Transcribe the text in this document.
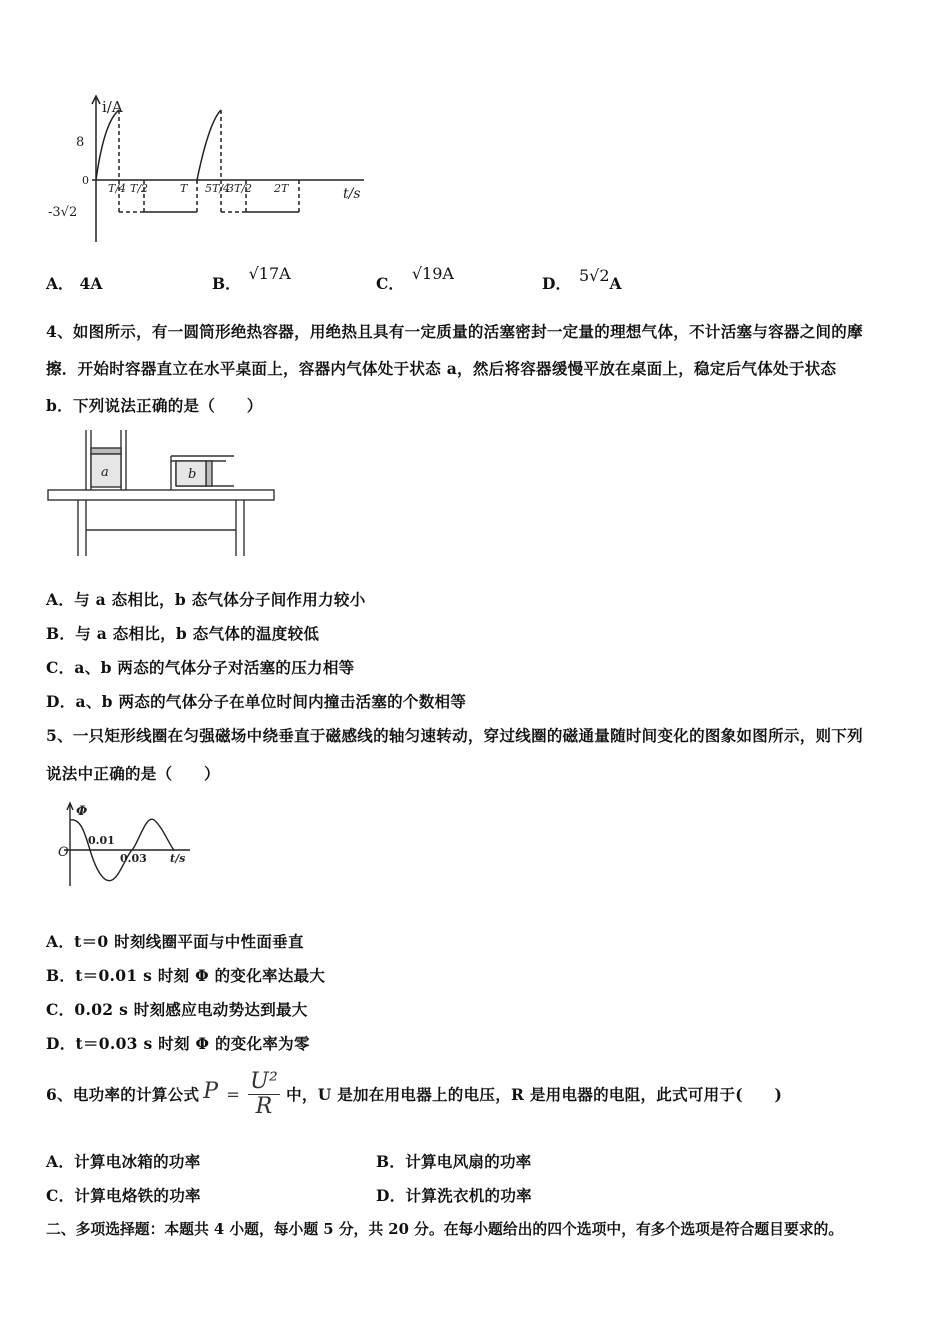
i/A
t/s
8
0
-3√2
T/4 T/2	T 5T/4
3T/2 2T
A． 4A	B．√17A
C．√19A
D． 5√2A
4、如图所示，有一圆筒形绝热容器，用绝热且具有一定质量的活塞密封一定量的理想气体，不计活塞与容器之间的摩
擦．开始时容器直立在水平桌面上，容器内气体处于状态 a，然后将容器缓慢平放在桌面上，稳定后气体处于状态
b．下列说法正确的是（　　）
a	b
A．与 a 态相比，b 态气体分子间作用力较小
B．与 a 态相比，b 态气体的温度较低
C．a、b 两态的气体分子对活塞的压力相等
D．a、b 两态的气体分子在单位时间内撞击活塞的个数相等
5、一只矩形线圈在匀强磁场中绕垂直于磁感线的轴匀速转动，穿过线圈的磁通量随时间变化的图象如图所示，则下列
说法中正确的是（　　）
Φ
O
0.01
0.03 t/s
A．t＝0 时刻线圈平面与中性面垂直
B．t＝0.01 s 时刻 Φ 的变化率达最大
C．0.02 s 时刻感应电动势达到最大
D．t＝0.03 s 时刻 Φ 的变化率为零
6、电功率的计算公式 $P = \frac{\text{U²}}{R}$ 中，U 是加在用电器上的电压，R 是用电器的电阻，此式可用于(　　)
A．计算电冰箱的功率	B．计算电风扇的功率
C．计算电烙铁的功率	D．计算洗衣机的功率
二、多项选择题：本题共 4 小题，每小题 5 分，共 20 分。在每小题给出的四个选项中，有多个选项是符合题目要求的。
